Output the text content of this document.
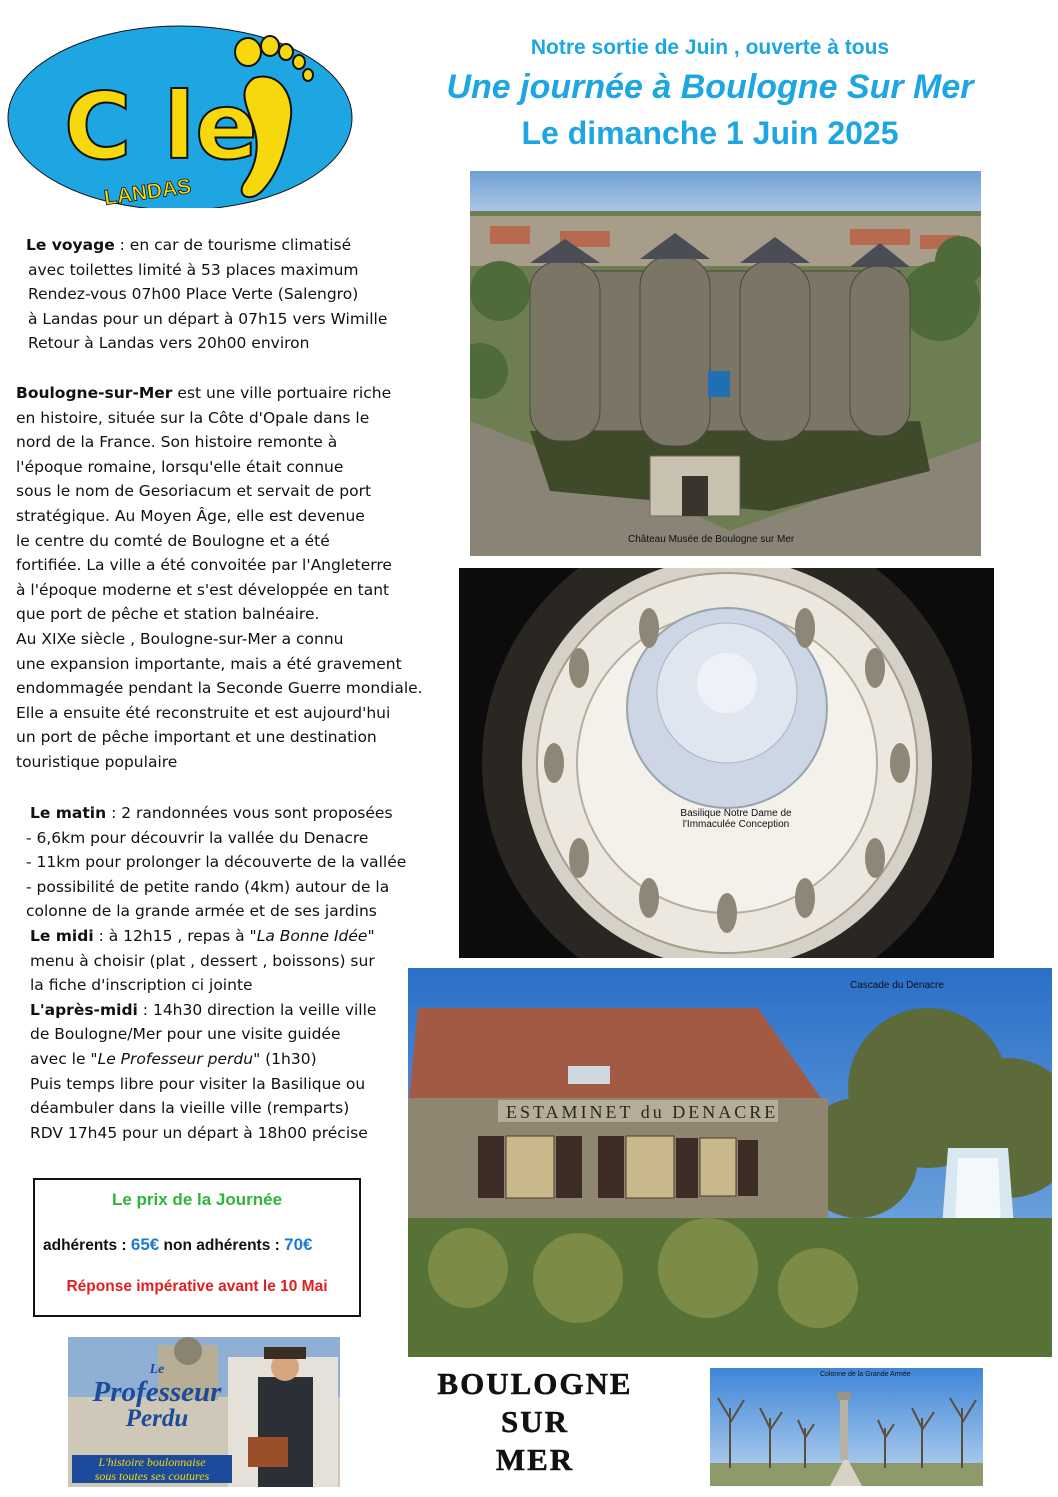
C le
LANDAS
Notre sortie de Juin , ouverte à tous
Une journée à Boulogne Sur Mer
Le dimanche 1 Juin 2025
Le voyage : en car de tourisme climatisé
avec toilettes limité à 53 places maximum
Rendez-vous 07h00 Place Verte (Salengro)
à Landas pour un départ à 07h15 vers Wimille
Retour à Landas vers 20h00 environ
Boulogne-sur-Mer est une ville portuaire riche
en histoire, située sur la Côte d'Opale dans le
nord de la France. Son histoire remonte à
l'époque romaine, lorsqu'elle était connue
sous le nom de Gesoriacum et servait de port
stratégique. Au Moyen Âge, elle est devenue
le centre du comté de Boulogne et a été
fortifiée. La ville a été convoitée par l'Angleterre
à l'époque moderne et s'est développée en tant
que port de pêche et station balnéaire.
Au XIXe siècle , Boulogne-sur-Mer a connu
une expansion importante, mais a été gravement
endommagée pendant la Seconde Guerre mondiale.
Elle a ensuite été reconstruite et est aujourd'hui
un port de pêche important et une destination
touristique populaire
Le matin : 2 randonnées vous sont proposées
- 6,6km pour découvrir la vallée du Denacre
- 11km pour prolonger la découverte de la vallée
- possibilité de petite rando (4km) autour de la
colonne de la grande armée et de ses jardins
Le midi : à 12h15 , repas à "La Bonne Idée"
menu à choisir (plat , dessert , boissons) sur
la fiche d'inscription ci jointe
L'après-midi : 14h30 direction la veille ville
de Boulogne/Mer pour une visite guidée
avec le "Le Professeur perdu" (1h30)
Puis temps libre pour visiter la Basilique ou
déambuler dans la vieille ville (remparts)
RDV 17h45 pour un départ à 18h00 précise
Le prix de la Journée
adhérents : 65€ non adhérents : 70€
Réponse impérative avant le 10 Mai
Château Musée de Boulogne sur Mer
Basilique Notre Dame de
l'Immaculée Conception
ESTAMINET du DENACRE
Cascade du Denacre
Le
Professeur
Perdu
L'histoire boulonnaise
sous toutes ses coutures
BOULOGNE
SUR
MER
Colonne de la Grande Armée
